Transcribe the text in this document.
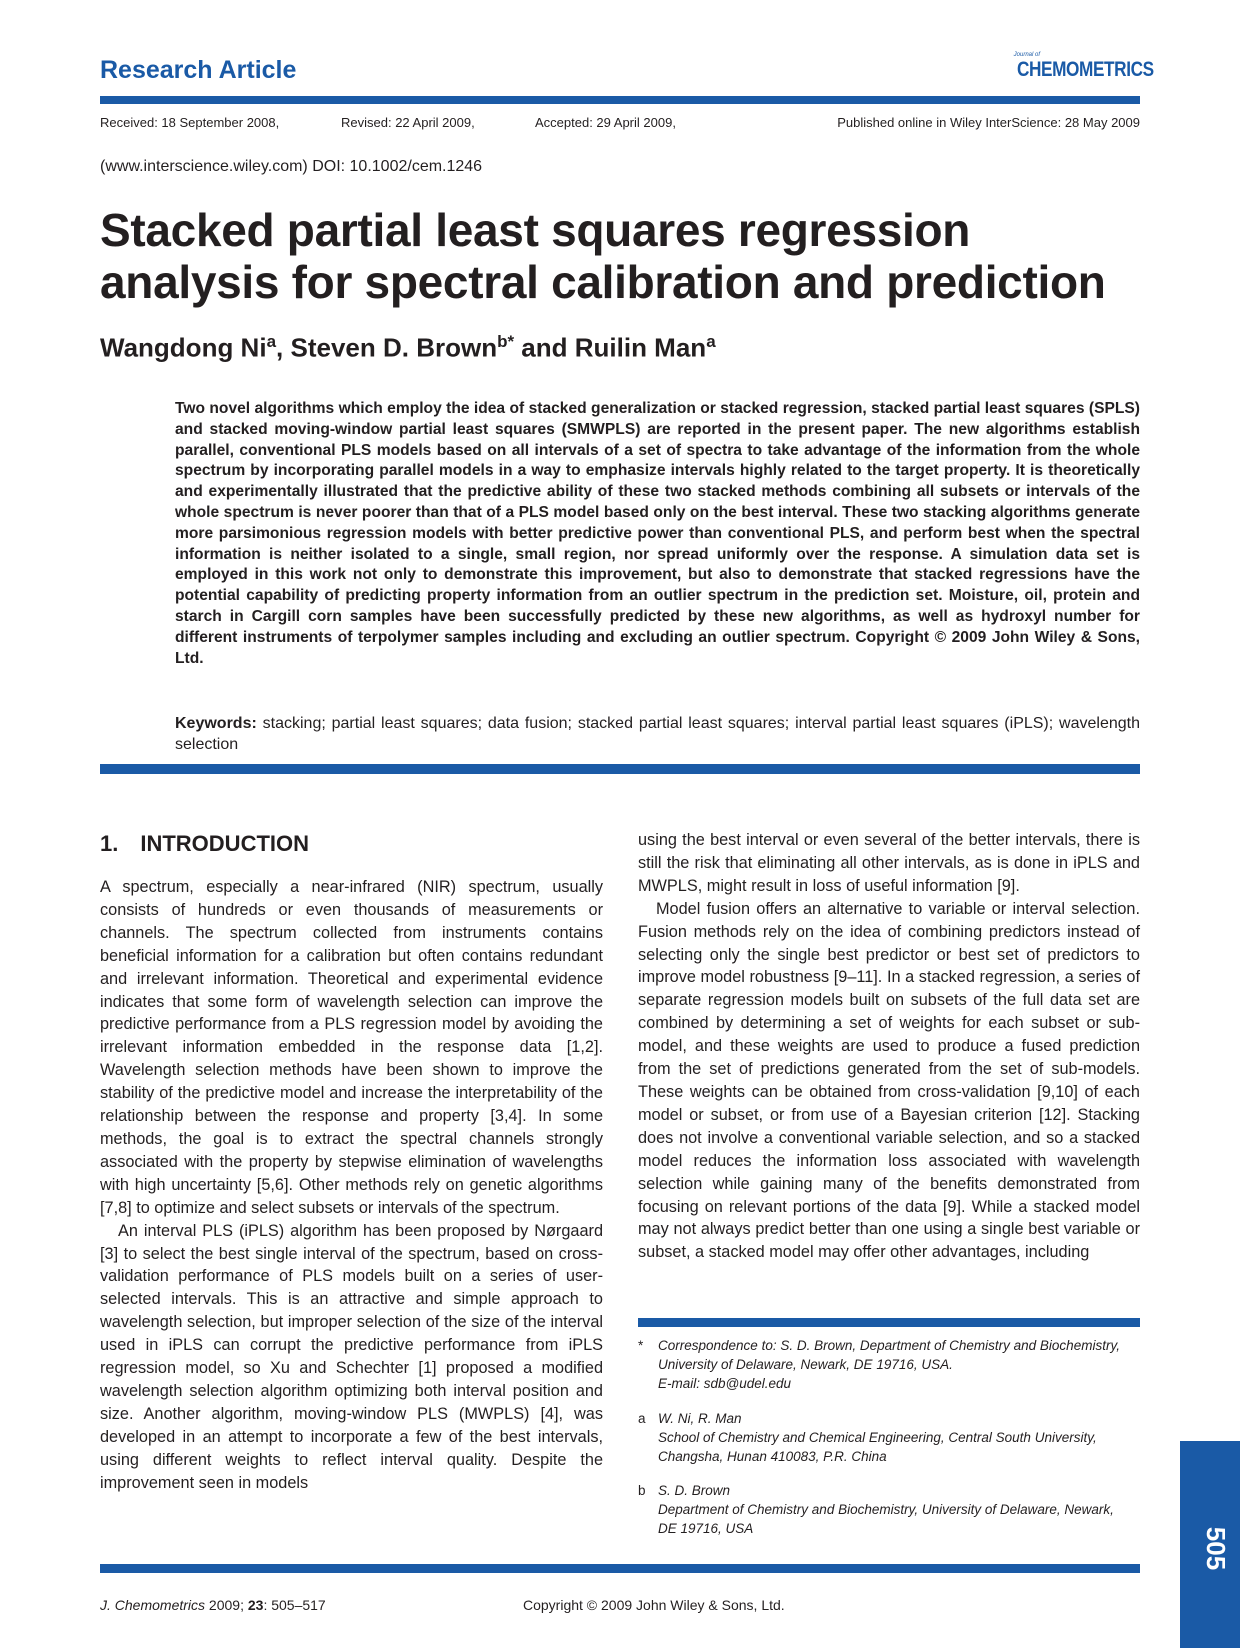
Research Article
Journal of
CHEMOMETRICS
Received: 18 September 2008,	Revised: 22 April 2009,	Accepted: 29 April 2009,	Published online in Wiley InterScience: 28 May 2009
(www.interscience.wiley.com) DOI: 10.1002/cem.1246
Stacked partial least squares regression
analysis for spectral calibration and prediction
Wangdong Ni$^a$, Steven D. Brown$^{b*}$ and Ruilin Man$^a$
Two novel algorithms which employ the idea of stacked generalization or stacked regression, stacked partial least squares (SPLS) and stacked moving-window partial least squares (SMWPLS) are reported in the present paper. The new algorithms establish parallel, conventional PLS models based on all intervals of a set of spectra to take advantage of the information from the whole spectrum by incorporating parallel models in a way to emphasize intervals highly related to the target property. It is theoretically and experimentally illustrated that the predictive ability of these two stacked methods combining all subsets or intervals of the whole spectrum is never poorer than that of a PLS model based only on the best interval. These two stacking algorithms generate more parsimonious regression models with better predictive power than conventional PLS, and perform best when the spectral information is neither isolated to a single, small region, nor spread uniformly over the response. A simulation data set is employed in this work not only to demonstrate this improvement, but also to demonstrate that stacked regressions have the potential capability of predicting property information from an outlier spectrum in the prediction set. Moisture, oil, protein and starch in Cargill corn samples have been successfully predicted by these new algorithms, as well as hydroxyl number for different instruments of terpolymer samples including and excluding an outlier spectrum. Copyright © 2009 John Wiley & Sons, Ltd.
Keywords: stacking; partial least squares; data fusion; stacked partial least squares; interval partial least squares (iPLS); wavelength selection
1. INTRODUCTION

A spectrum, especially a near-infrared (NIR) spectrum, usually consists of hundreds or even thousands of measurements or channels. The spectrum collected from instruments contains beneficial information for a calibration but often contains redundant and irrelevant information. Theoretical and experimental evidence indicates that some form of wavelength selection can improve the predictive performance from a PLS regression model by avoiding the irrelevant information embedded in the response data [1,2]. Wavelength selection methods have been shown to improve the stability of the predictive model and increase the interpretability of the relationship between the response and property [3,4]. In some methods, the goal is to extract the spectral channels strongly associated with the property by stepwise elimination of wavelengths with high uncertainty [5,6]. Other methods rely on genetic algorithms [7,8] to optimize and select subsets or intervals of the spectrum.

An interval PLS (iPLS) algorithm has been proposed by Nørgaard [3] to select the best single interval of the spectrum, based on cross-validation performance of PLS models built on a series of user-selected intervals. This is an attractive and simple approach to wavelength selection, but improper selection of the size of the interval used in iPLS can corrupt the predictive performance from iPLS regression model, so Xu and Schechter [1] proposed a modified wavelength selection algorithm optimizing both interval position and size. Another algorithm, moving-window PLS (MWPLS) [4], was developed in an attempt to incorporate a few of the best intervals, using different weights to reflect interval quality. Despite the improvement seen in models

using the best interval or even several of the better intervals, there is still the risk that eliminating all other intervals, as is done in iPLS and MWPLS, might result in loss of useful information [9].

Model fusion offers an alternative to variable or interval selection. Fusion methods rely on the idea of combining predictors instead of selecting only the single best predictor or best set of predictors to improve model robustness [9–11]. In a stacked regression, a series of separate regression models built on subsets of the full data set are combined by determining a set of weights for each subset or sub-model, and these weights are used to produce a fused prediction from the set of predictions generated from the set of sub-models. These weights can be obtained from cross-validation [9,10] of each model or subset, or from use of a Bayesian criterion [12]. Stacking does not involve a conventional variable selection, and so a stacked model reduces the information loss associated with wavelength selection while gaining many of the benefits demonstrated from focusing on relevant portions of the data [9]. While a stacked model may not always predict better than one using a single best variable or subset, a stacked model may offer other advantages, including

* Correspondence to: S. D. Brown, Department of Chemistry and Biochemistry,
University of Delaware, Newark, DE 19716, USA.
E-mail: sdb@udel.edu
a W. Ni, R. Man
School of Chemistry and Chemical Engineering, Central South University,
Changsha, Hunan 410083, P.R. China
b S. D. Brown
Department of Chemistry and Biochemistry, University of Delaware, Newark,
DE 19716, USA	505
J. Chemometrics 2009; 23: 505–517	Copyright © 2009 John Wiley & Sons, Ltd.
